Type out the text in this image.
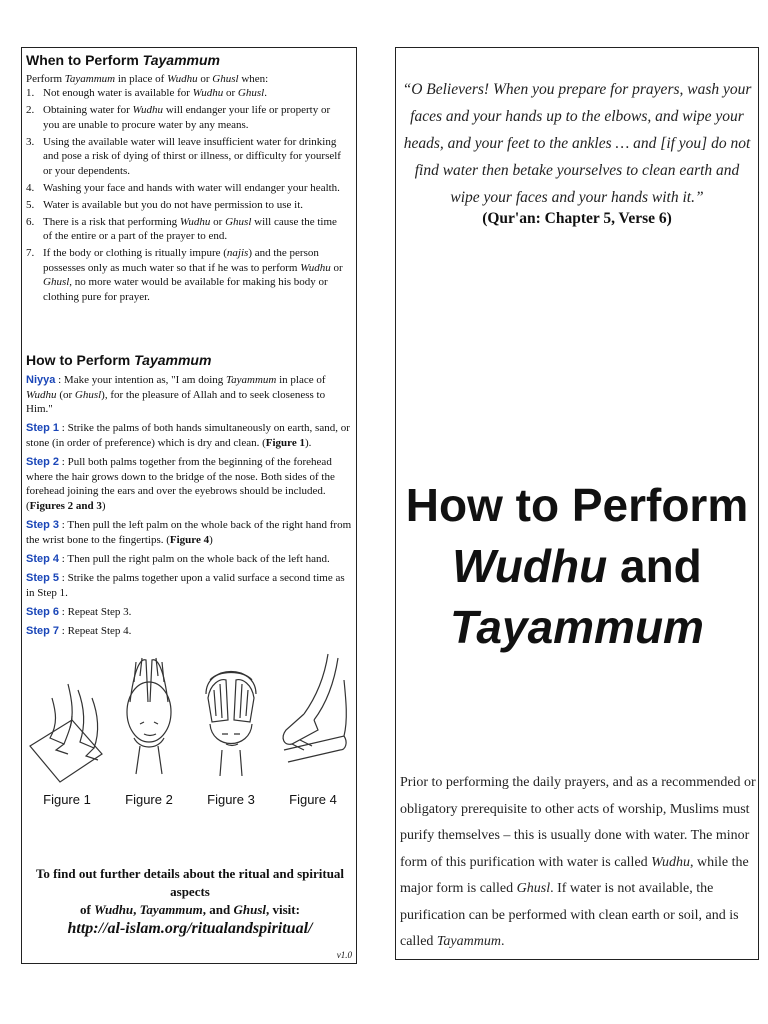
When to Perform Tayammum
Perform Tayammum in place of Wudhu or Ghusl when:
1. Not enough water is available for Wudhu or Ghusl.
2. Obtaining water for Wudhu will endanger your life or property or you are unable to procure water by any means.
3. Using the available water will leave insufficient water for drinking and pose a risk of dying of thirst or illness, or difficulty for yourself or your dependents.
4. Washing your face and hands with water will endanger your health.
5. Water is available but you do not have permission to use it.
6. There is a risk that performing Wudhu or Ghusl will cause the time of the entire or a part of the prayer to end.
7. If the body or clothing is ritually impure (najis) and the person possesses only as much water so that if he was to perform Wudhu or Ghusl, no more water would be available for making his body or clothing pure for prayer.
How to Perform Tayammum

Niyya : Make your intention as, "I am doing Tayammum in place of Wudhu (or Ghusl), for the pleasure of Allah and to seek closeness to Him."

Step 1 : Strike the palms of both hands simultaneously on earth, sand, or stone (in order of preference) which is dry and clean. (Figure 1).

Step 2 : Pull both palms together from the beginning of the forehead where the hair grows down to the bridge of the nose. Both sides of the forehead joining the ears and over the eyebrows should be included. (Figures 2 and 3)

Step 3 : Then pull the left palm on the whole back of the right hand from the wrist bone to the fingertips. (Figure 4)

Step 4 : Then pull the right palm on the whole back of the left hand.

Step 5 : Strike the palms together upon a valid surface a second time as in Step 1.

Step 6 : Repeat Step 3.

Step 7 : Repeat Step 4.

Figure 1	Figure 2	Figure 3	Figure 4
To find out further details about the ritual and spiritual aspects
of Wudhu, Tayammum, and Ghusl, visit:
http://al-islam.org/ritualandspiritual/
v1.0
“O Believers! When you prepare for prayers, wash your faces and your hands up to the elbows, and wipe your heads, and your feet to the ankles … and [if you] do not find water then betake yourselves to clean earth and wipe your faces and your hands with it.”
(Qur'an: Chapter 5, Verse 6)
How to Perform
Wudhu and
Tayammum
Prior to performing the daily prayers, and as a recommended or obligatory prerequisite to other acts of worship, Muslims must purify themselves – this is usually done with water. The minor form of this purification with water is called Wudhu, while the major form is called Ghusl. If water is not available, the purification can be performed with clean earth or soil, and is called Tayammum.
